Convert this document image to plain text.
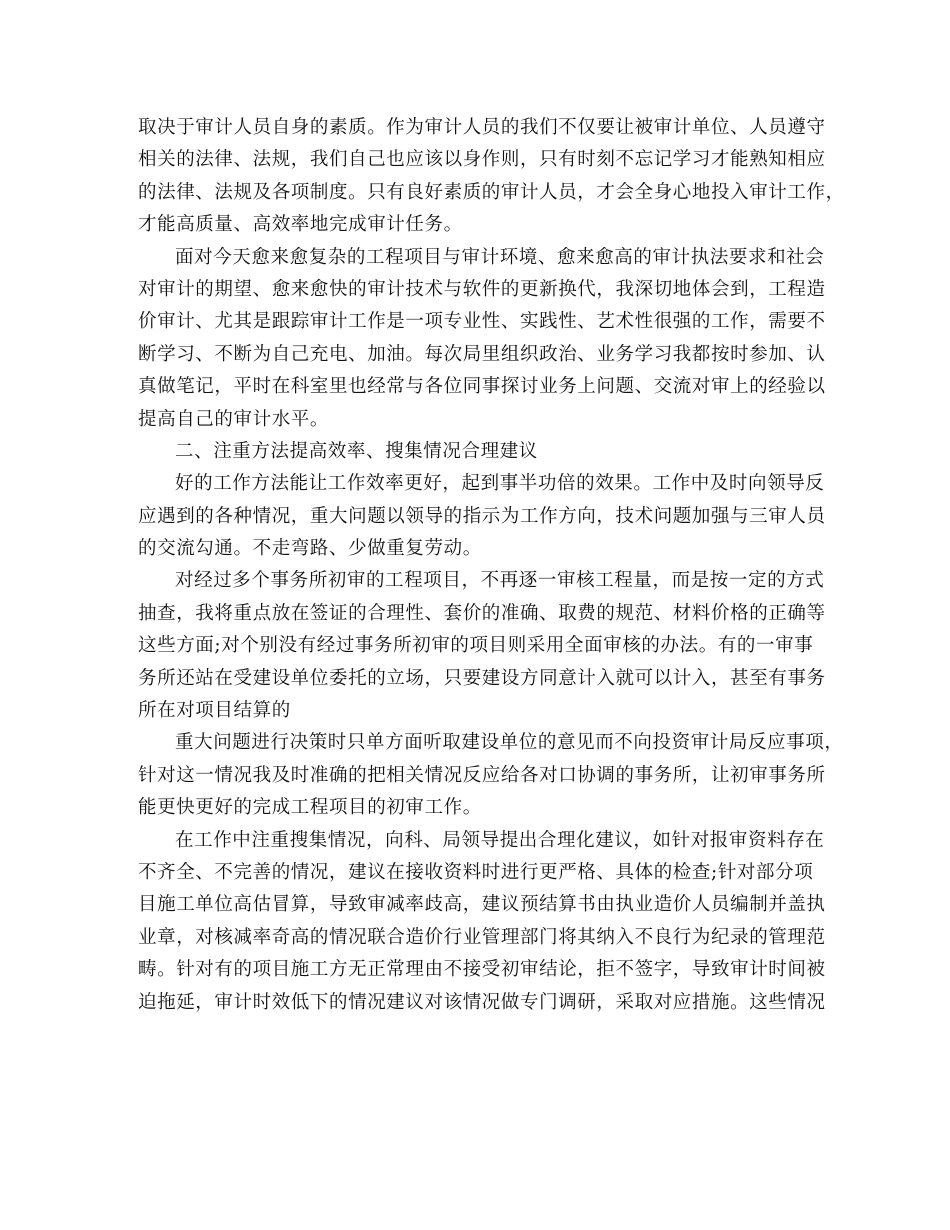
取决于审计人员自身的素质。作为审计人员的我们不仅要让被审计单位、人员遵守
相关的法律、法规，我们自己也应该以身作则，只有时刻不忘记学习才能熟知相应
的法律、法规及各项制度。只有良好素质的审计人员，才会全身心地投入审计工作，
才能高质量、高效率地完成审计任务。
面对今天愈来愈复杂的工程项目与审计环境、愈来愈高的审计执法要求和社会
对审计的期望、愈来愈快的审计技术与软件的更新换代，我深切地体会到，工程造
价审计、尤其是跟踪审计工作是一项专业性、实践性、艺术性很强的工作，需要不
断学习、不断为自己充电、加油。每次局里组织政治、业务学习我都按时参加、认
真做笔记，平时在科室里也经常与各位同事探讨业务上问题、交流对审上的经验以
提高自己的审计水平。
二、注重方法提高效率、搜集情况合理建议
好的工作方法能让工作效率更好，起到事半功倍的效果。工作中及时向领导反
应遇到的各种情况，重大问题以领导的指示为工作方向，技术问题加强与三审人员
的交流勾通。不走弯路、少做重复劳动。
对经过多个事务所初审的工程项目，不再逐一审核工程量，而是按一定的方式
抽查，我将重点放在签证的合理性、套价的准确、取费的规范、材料价格的正确等
这些方面;对个别没有经过事务所初审的项目则采用全面审核的办法。有的一审事
务所还站在受建设单位委托的立场，只要建设方同意计入就可以计入，甚至有事务
所在对项目结算的
重大问题进行决策时只单方面听取建设单位的意见而不向投资审计局反应事项，
针对这一情况我及时准确的把相关情况反应给各对口协调的事务所，让初审事务所
能更快更好的完成工程项目的初审工作。
在工作中注重搜集情况，向科、局领导提出合理化建议，如针对报审资料存在
不齐全、不完善的情况，建议在接收资料时进行更严格、具体的检查;针对部分项
目施工单位高估冒算，导致审减率歧高，建议预结算书由执业造价人员编制并盖执
业章，对核减率奇高的情况联合造价行业管理部门将其纳入不良行为纪录的管理范
畴。针对有的项目施工方无正常理由不接受初审结论，拒不签字，导致审计时间被
迫拖延，审计时效低下的情况建议对该情况做专门调研，采取对应措施。这些情况
